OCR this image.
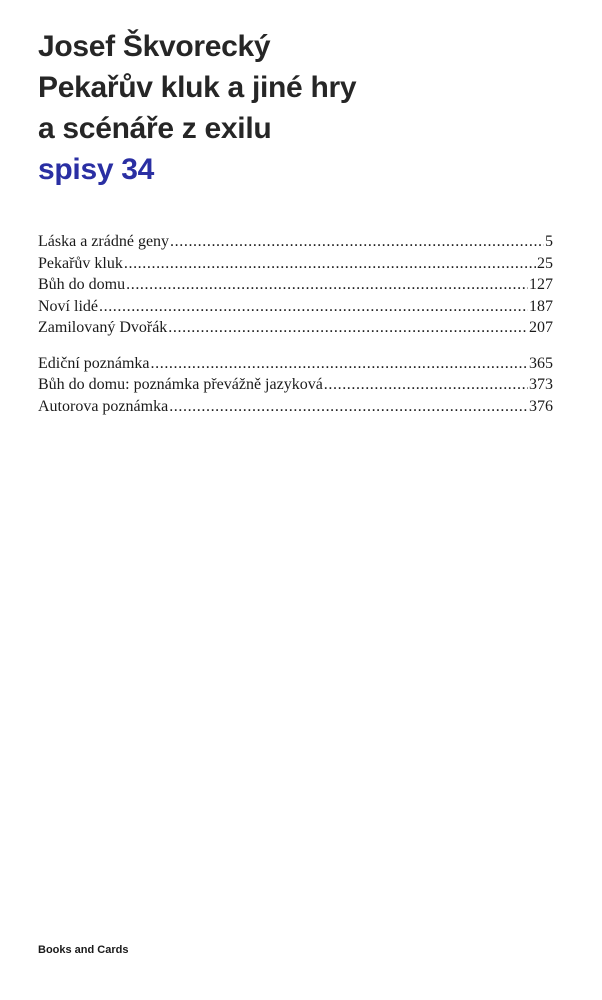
Josef Škvorecký
Pekařův kluk a jiné hry
a scénáře z exilu
spisy 34
Láska a zrádné geny .....	5
Pekařův kluk .....	25
Bůh do domu .....	127
Noví lidé .....	187
Zamilovaný Dvořák .....	207
Ediční poznámka .....	365
Bůh do domu: poznámka převážně jazyková .....	373
Autorova poznámka .....	376
Books and Cards
